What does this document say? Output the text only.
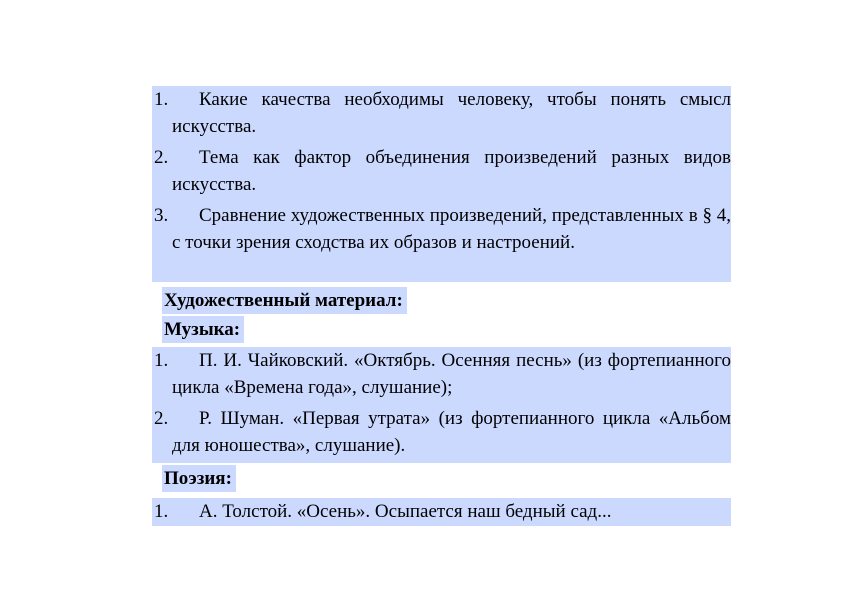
1. Какие качества необходимы человеку, чтобы понять смысл искусства.
2. Тема как фактор объединения произведений разных видов искусства.
3. Сравнение художественных произведений, представленных в § 4, с точки зрения сходства их образов и настроений.
Художественный материал:
Музыка:
1. П. И. Чайковский. «Октябрь. Осенняя песнь» (из фортепианного цикла «Времена года», слушание);
2. Р. Шуман. «Первая утрата» (из фортепианного цикла «Альбом для юношества», слушание).
Поэзия:
1. А. Толстой. «Осень». Осыпается наш бедный сад...
